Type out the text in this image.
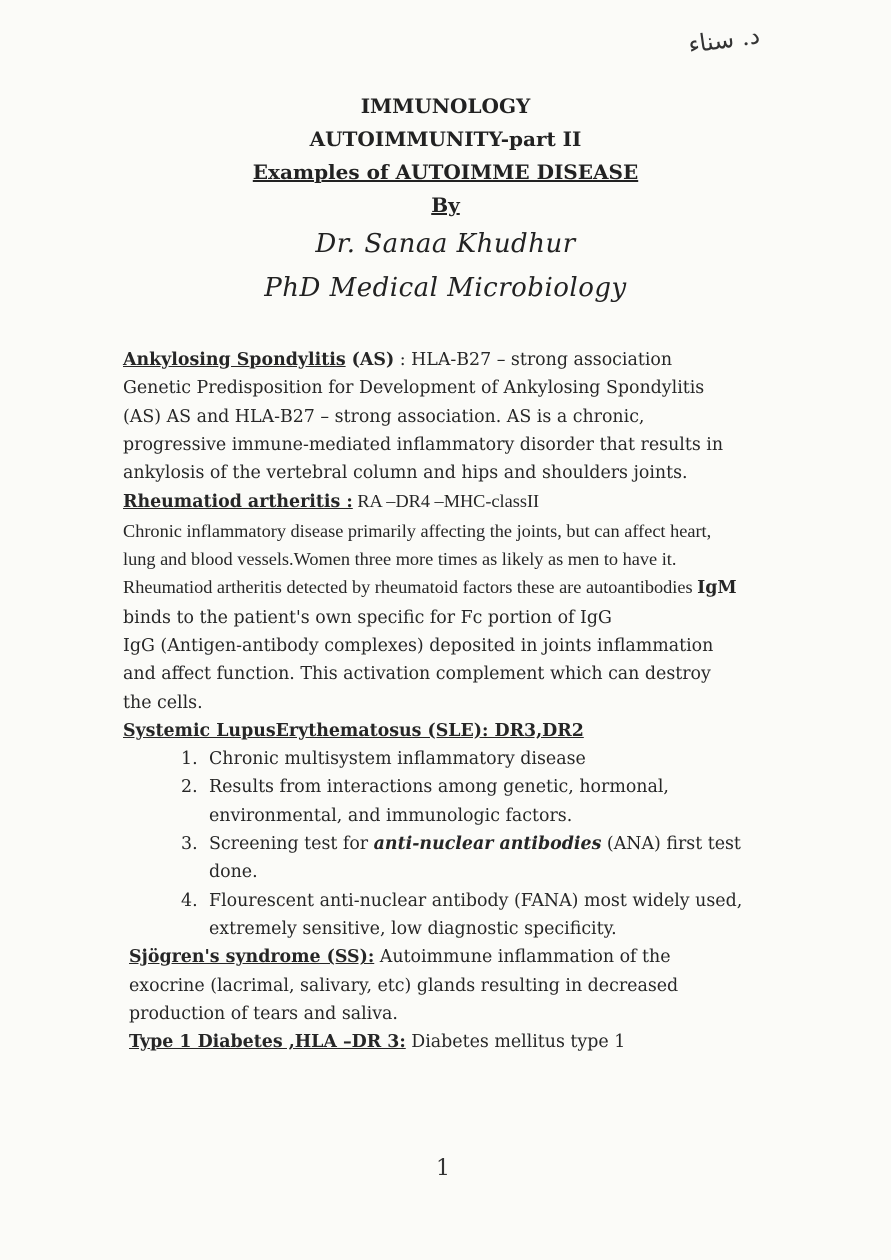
د. سناء
IMMUNOLOGY
AUTOIMMUNITY-part II
Examples of AUTOIMME DISEASE
By
Dr. Sanaa Khudhur
PhD Medical Microbiology
Ankylosing Spondylitis (AS) : HLA-B27 – strong association Genetic Predisposition for Development of Ankylosing Spondylitis (AS) AS and HLA-B27 – strong association. AS is a chronic, progressive immune-mediated inflammatory disorder that results in ankylosis of the vertebral column and hips and shoulders joints.
Rheumatiod artheritis : RA –DR4 –MHC-classII
Chronic inflammatory disease primarily affecting the joints, but can affect heart, lung and blood vessels.Women three more times as likely as men to have it.
Rheumatiod artheritis detected by rheumatoid factors these are autoantibodies IgM binds to the patient's own specific for Fc portion of IgG
IgG (Antigen-antibody complexes) deposited in joints inflammation and affect function. This activation complement which can destroy the cells.
Systemic LupusErythematosus (SLE): DR3,DR2
1. Chronic multisystem inflammatory disease
2. Results from interactions among genetic, hormonal, environmental, and immunologic factors.
3. Screening test for anti-nuclear antibodies (ANA) first test done.
4. Flourescent anti-nuclear antibody (FANA) most widely used, extremely sensitive, low diagnostic specificity.
Sjögren's syndrome (SS): Autoimmune inflammation of the exocrine (lacrimal, salivary, etc) glands resulting in decreased production of tears and saliva.
Type 1 Diabetes ,HLA –DR 3: Diabetes mellitus type 1
1
